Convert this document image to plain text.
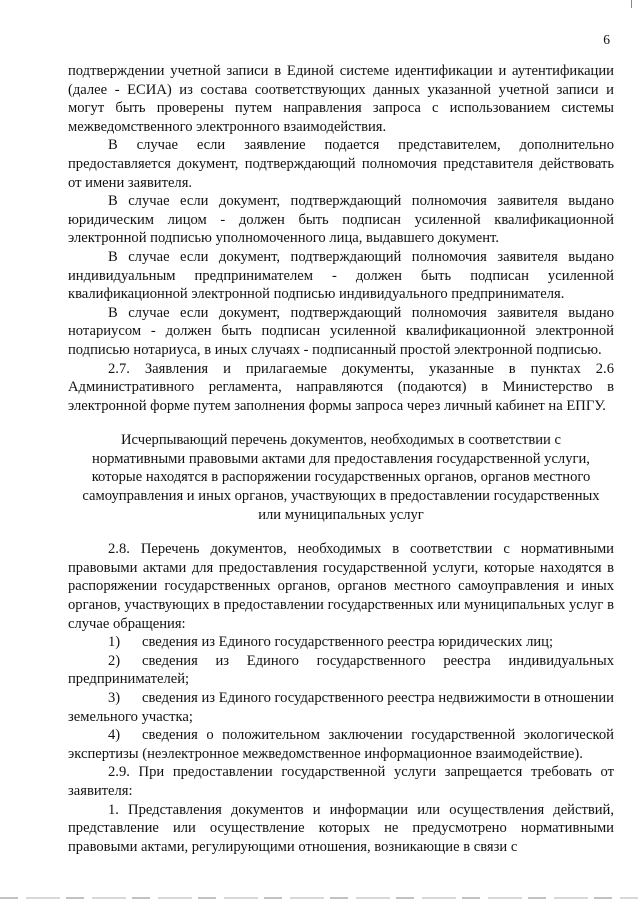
6

подтверждении учетной записи в Единой системе идентификации и аутентификации (далее - ЕСИА) из состава соответствующих данных указанной учетной записи и могут быть проверены путем направления запроса с использованием системы межведомственного электронного взаимодействия.

В случае если заявление подается представителем, дополнительно предоставляется документ, подтверждающий полномочия представителя действовать от имени заявителя.

В случае если документ, подтверждающий полномочия заявителя выдано юридическим лицом - должен быть подписан усиленной квалификационной электронной подписью уполномоченного лица, выдавшего документ.

В случае если документ, подтверждающий полномочия заявителя выдано индивидуальным предпринимателем - должен быть подписан усиленной квалификационной электронной подписью индивидуального предпринимателя.

В случае если документ, подтверждающий полномочия заявителя выдано нотариусом - должен быть подписан усиленной квалификационной электронной подписью нотариуса, в иных случаях - подписанный простой электронной подписью.

2.7. Заявления и прилагаемые документы, указанные в пунктах 2.6 Административного регламента, направляются (подаются) в Министерство в электронной форме путем заполнения формы запроса через личный кабинет на ЕПГУ.

Исчерпывающий перечень документов, необходимых в соответствии с нормативными правовыми актами для предоставления государственной услуги, которые находятся в распоряжении государственных органов, органов местного самоуправления и иных органов, участвующих в предоставлении государственных или муниципальных услуг

2.8. Перечень документов, необходимых в соответствии с нормативными правовыми актами для предоставления государственной услуги, которые находятся в распоряжении государственных органов, органов местного самоуправления и иных органов, участвующих в предоставлении государственных или муниципальных услуг в случае обращения:

1) сведения из Единого государственного реестра юридических лиц;

2) сведения из Единого государственного реестра индивидуальных предпринимателей;

3) сведения из Единого государственного реестра недвижимости в отношении земельного участка;

4) сведения о положительном заключении государственной экологической экспертизы (неэлектронное межведомственное информационное взаимодействие).

2.9. При предоставлении государственной услуги запрещается требовать от заявителя:

1. Представления документов и информации или осуществления действий, представление или осуществление которых не предусмотрено нормативными правовыми актами, регулирующими отношения, возникающие в связи с
